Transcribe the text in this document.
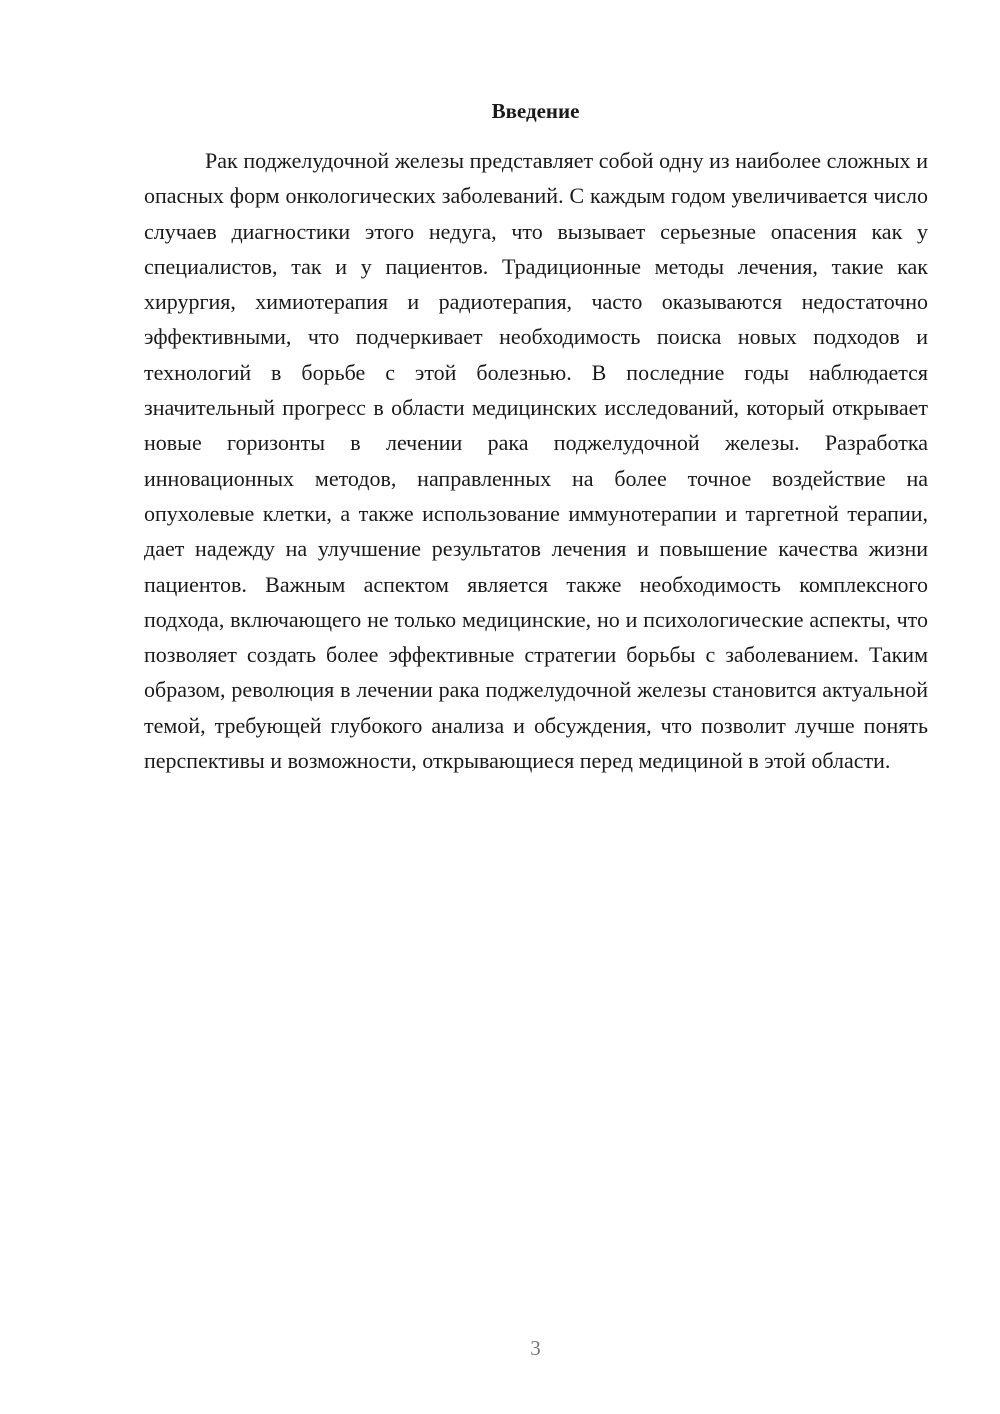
Введение

Рак поджелудочной железы представляет собой одну из наиболее сложных и опасных форм онкологических заболеваний. С каждым годом увеличивается число случаев диагностики этого недуга, что вызывает серьезные опасения как у специалистов, так и у пациентов. Традиционные методы лечения, такие как хирургия, химиотерапия и радиотерапия, часто оказываются недостаточно эффективными, что подчеркивает необходимость поиска новых подходов и технологий в борьбе с этой болезнью. В последние годы наблюдается значительный прогресс в области медицинских исследований, который открывает новые горизонты в лечении рака поджелудочной железы. Разработка инновационных методов, направленных на более точное воздействие на опухолевые клетки, а также использование иммунотерапии и таргетной терапии, дает надежду на улучшение результатов лечения и повышение качества жизни пациентов. Важным аспектом является также необходимость комплексного подхода, включающего не только медицинские, но и психологические аспекты, что позволяет создать более эффективные стратегии борьбы с заболеванием. Таким образом, революция в лечении рака поджелудочной железы становится актуальной темой, требующей глубокого анализа и обсуждения, что позволит лучше понять перспективы и возможности, открывающиеся перед медициной в этой области.

3
